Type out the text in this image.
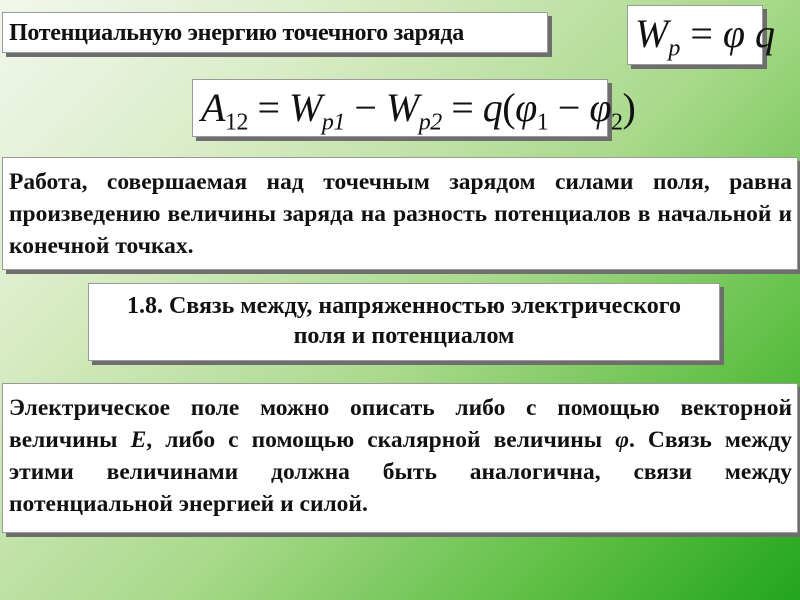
Потенциальную энергию точечного заряда	$W_p = \varphi$ q
$A_{12} = W_{p1} - W_{p2} = q(\varphi_1 - \varphi_2)$
Работа, совершаемая над точечным зарядом силами поля, равна произведению величины заряда на разность потенциалов в начальной и конечной точках.
1.8. Связь между, напряженностью электрического
поля и потенциалом
Электрическое поле можно описать либо с помощью векторной величины E, либо с помощью скалярной величины φ. Связь между этими величинами должна быть аналогична, связи между потенциальной энергией и силой.
